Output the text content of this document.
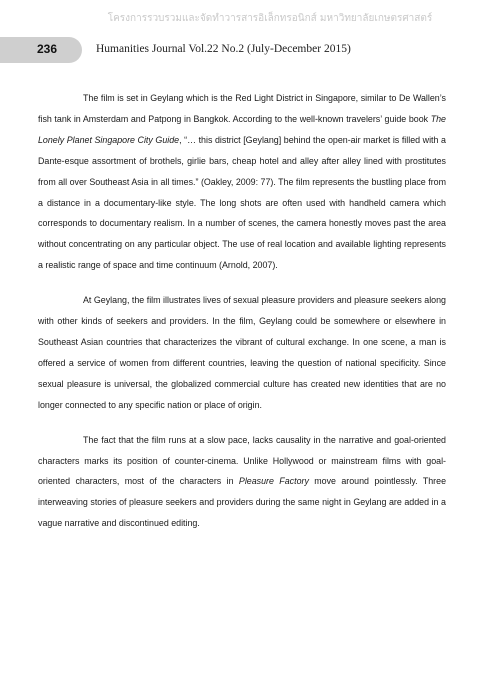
โครงการรวบรวมและจัดทำวารสารอิเล็กทรอนิกส์ มหาวิทยาลัยเกษตรศาสตร์
236	Humanities Journal Vol.22 No.2 (July-December 2015)

The film is set in Geylang which is the Red Light District in Singapore, similar to De Wallen’s fish tank in Amsterdam and Patpong in Bangkok. According to the well-known travelers’ guide book The Lonely Planet Singapore City Guide, “… this district [Geylang] behind the open-air market is filled with a Dante-esque assortment of brothels, girlie bars, cheap hotel and alley after alley lined with prostitutes from all over Southeast Asia in all times.” (Oakley, 2009: 77). The film represents the bustling place from a distance in a documentary-like style. The long shots are often used with handheld camera which corresponds to documentary realism. In a number of scenes, the camera honestly moves past the area without concentrating on any particular object. The use of real location and available lighting represents a realistic range of space and time continuum (Arnold, 2007).

At Geylang, the film illustrates lives of sexual pleasure providers and pleasure seekers along with other kinds of seekers and providers. In the film, Geylang could be somewhere or elsewhere in Southeast Asian countries that characterizes the vibrant of cultural exchange. In one scene, a man is offered a service of women from different countries, leaving the question of national specificity. Since sexual pleasure is universal, the globalized commercial culture has created new identities that are no longer connected to any specific nation or place of origin.

The fact that the film runs at a slow pace, lacks causality in the narrative and goal-oriented characters marks its position of counter-cinema. Unlike Hollywood or mainstream films with goal-oriented characters, most of the characters in Pleasure Factory move around pointlessly. Three interweaving stories of pleasure seekers and providers during the same night in Geylang are added in a vague narrative and discontinued editing.
